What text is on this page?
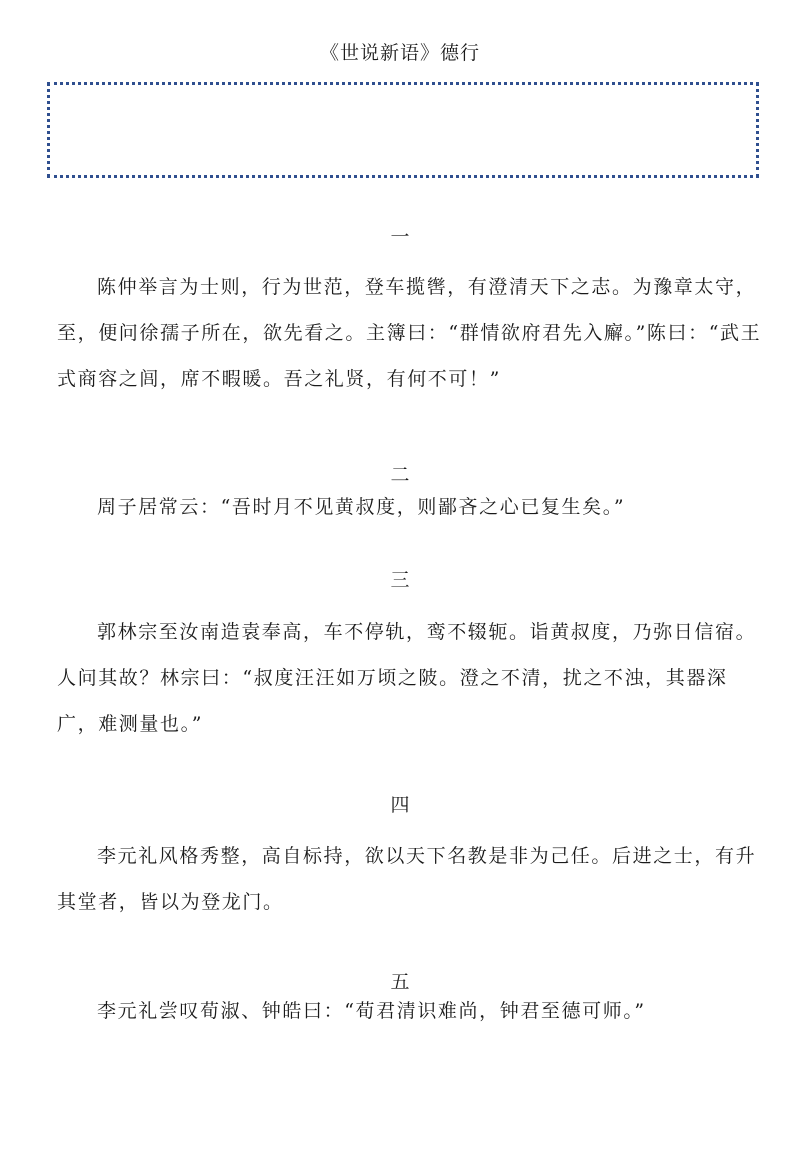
《世说新语》德行
一

陈仲举言为士则，行为世范，登车揽辔，有澄清天下之志。为豫章太守，至，便问徐孺子所在，欲先看之。主簿曰：“群情欲府君先入廨。”陈曰：“武王式商容之闾，席不暇暖。吾之礼贤，有何不可！”

二

周子居常云：“吾时月不见黄叔度，则鄙吝之心已复生矣。”

三

郭林宗至汝南造袁奉高，车不停轨，鸾不辍轭。诣黄叔度，乃弥日信宿。人问其故？林宗曰：“叔度汪汪如万顷之陂。澄之不清，扰之不浊，其器深广，难测量也。”

四

李元礼风格秀整，高自标持，欲以天下名教是非为己任。后进之士，有升其堂者，皆以为登龙门。

五

李元礼尝叹荀淑、钟皓曰：“荀君清识难尚，钟君至德可师。”
